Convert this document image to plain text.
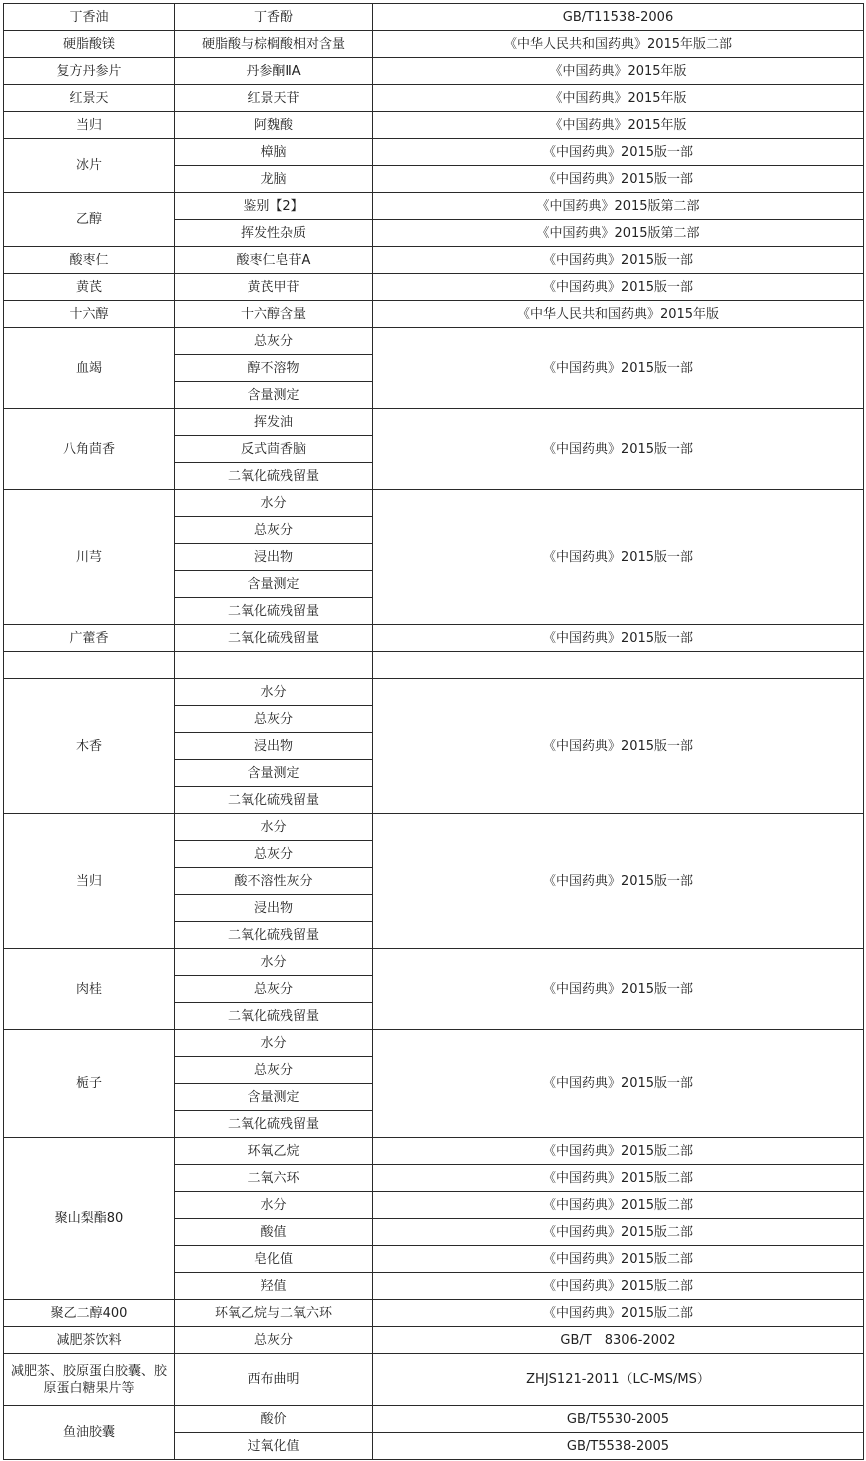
丁香油	丁香酚	GB/T11538-2006
硬脂酸镁	硬脂酸与棕榈酸相对含量	《中华人民共和国药典》2015年版二部
复方丹参片	丹参酮ⅡA	《中国药典》2015年版
红景天	红景天苷	《中国药典》2015年版
当归	阿魏酸	《中国药典》2015年版
冰片	樟脑	《中国药典》2015版一部
	龙脑	《中国药典》2015版一部
乙醇	鉴别【2】	《中国药典》2015版第二部
	挥发性杂质	《中国药典》2015版第二部
酸枣仁	酸枣仁皂苷A	《中国药典》2015版一部
黄芪	黄芪甲苷	《中国药典》2015版一部
十六醇	十六醇含量	《中华人民共和国药典》2015年版
血竭	总灰分	《中国药典》2015版一部
	醇不溶物	
	含量测定	
八角茴香	挥发油	《中国药典》2015版一部
	反式茴香脑	
	二氧化硫残留量	
川芎	水分	《中国药典》2015版一部
	总灰分	
	浸出物	
	含量测定	
	二氧化硫残留量	
广藿香	二氧化硫残留量	《中国药典》2015版一部

木香	水分	《中国药典》2015版一部
	总灰分	
	浸出物	
	含量测定	
	二氧化硫残留量	
当归	水分	《中国药典》2015版一部
	总灰分	
	酸不溶性灰分	
	浸出物	
	二氧化硫残留量	
肉桂	水分	《中国药典》2015版一部
	总灰分	
	二氧化硫残留量	
栀子	水分	《中国药典》2015版一部
	总灰分	
	含量测定	
	二氧化硫残留量	
聚山梨酯80	环氧乙烷	《中国药典》2015版二部
	二氧六环	《中国药典》2015版二部
	水分	《中国药典》2015版二部
	酸值	《中国药典》2015版二部
	皂化值	《中国药典》2015版二部
	羟值	《中国药典》2015版二部
聚乙二醇400	环氧乙烷与二氧六环	《中国药典》2015版二部
减肥茶饮料	总灰分	GB/T　8306-2002
减肥茶、胶原蛋白胶囊、胶原蛋白糖果片等	西布曲明	ZHJS121-2011（LC-MS/MS）
鱼油胶囊	酸价	GB/T5530-2005
	过氧化值	GB/T5538-2005
